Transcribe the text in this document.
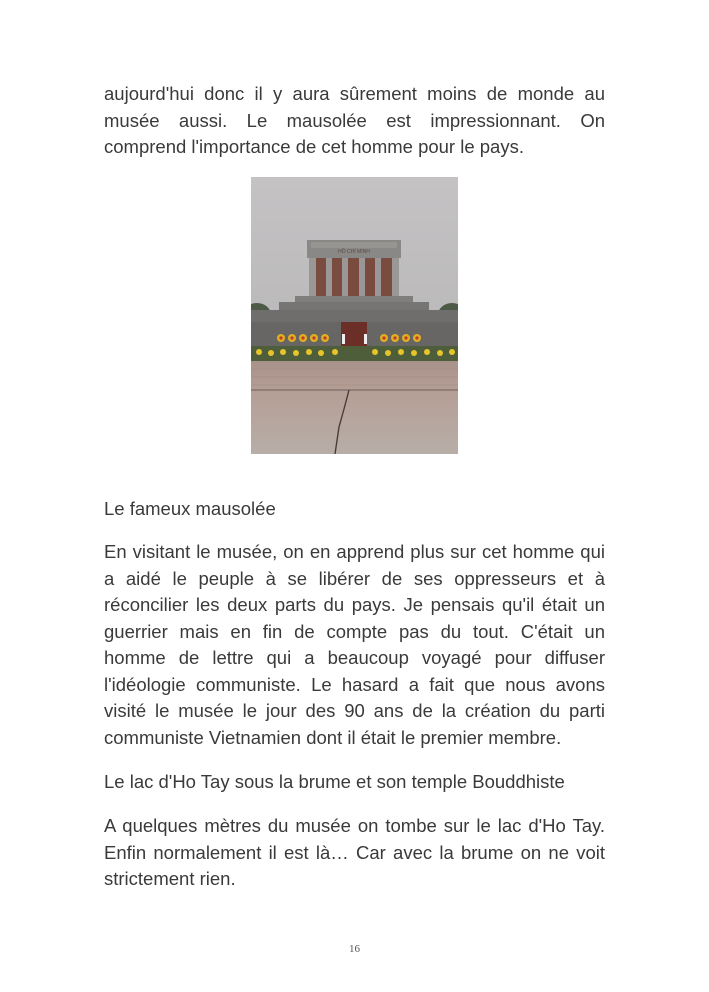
aujourd'hui donc il y aura sûrement moins de monde au musée aussi. Le mausolée est impressionnant. On comprend l'importance de cet homme pour le pays.

HỒ CHÍ MINH

Le fameux mausolée

En visitant le musée, on en apprend plus sur cet homme qui a aidé le peuple à se libérer de ses oppresseurs et à réconcilier les deux parts du pays. Je pensais qu'il était un guerrier mais en fin de compte pas du tout. C'était un homme de lettre qui a beaucoup voyagé pour diffuser l'idéologie communiste. Le hasard a fait que nous avons visité le musée le jour des 90 ans de la création du parti communiste Vietnamien dont il était le premier membre.

Le lac d'Ho Tay sous la brume et son temple Bouddhiste

A quelques mètres du musée on tombe sur le lac d'Ho Tay. Enfin normalement il est là… Car avec la brume on ne voit strictement rien.

16
